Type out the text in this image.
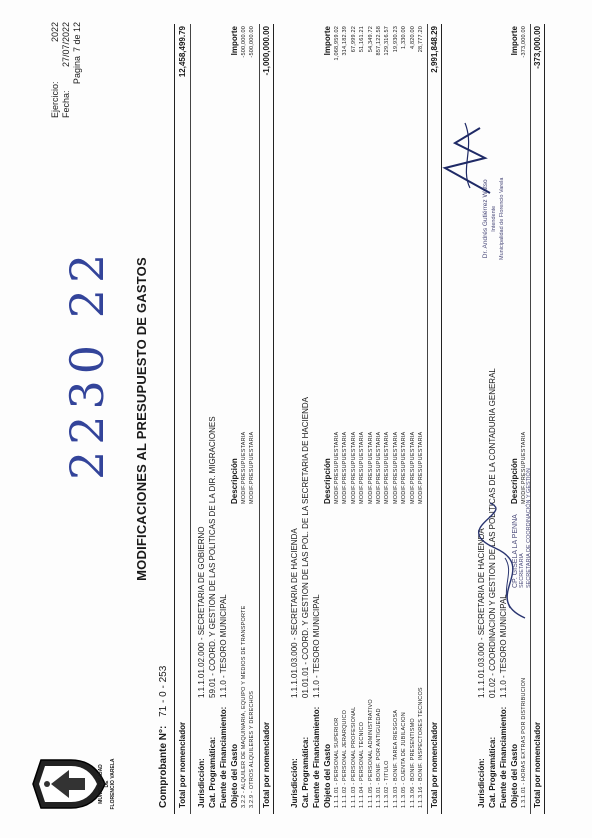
MUNICIPALIDAD DE FLORENCIO VARELA
2230 22
Ejercicio:
2022
Fecha:
27/07/2022
Pagina
7 de 12
MODIFICACIONES AL PRESUPUESTO DE GASTOS
Comprobante N°: 71 - 0 - 253
Total por nomenclador
12,458,499.79
Jurisdicción:
1.1.1.01.02.000 - SECRETARIA DE GOBIERNO
Cat. Programática:
59.01 - COORD. Y GESTION DE LAS POLITICAS DE LA DIR. MIGRACIONES
Fuente de Financiamiento:
1.1.0 - TESORO MUNICIPAL
Objeto del Gasto
Descripción
Importe
3.2.2 - ALQUILER DE MAQUINARIA, EQUIPO Y MEDIOS DE TRANSPORTE
MODIF.PRESUPUESTARIA
-500,000.00
3.2.9 - OTROS ALQUILERES Y DERECHOS
MODIF.PRESUPUESTARIA
-500,000.00
Total por nomenclador
-1,000,000.00
Jurisdicción:
1.1.1.01.03.000 - SECRETARIA DE HACIENDA
Cat. Programática:
01.01.01 - COORD. Y GESTION DE LAS POL. DE LA SECRETARIA DE HACIENDA
Fuente de Financiamiento:
1.1.0 - TESORO MUNICIPAL
Objeto del Gasto
Descripción
Importe
1.1.1.01 - PERSONAL SUPERIOR
MODIF.PRESUPUESTARIA
1,068,959.02
1.1.1.02 - PERSONAL JERARQUICO
MODIF.PRESUPUESTARIA
314,182.39
1.1.1.03 - PERSONAL PROFESIONAL
MODIF.PRESUPUESTARIA
67,999.22
1.1.1.04 - PERSONAL TECNICO
MODIF.PRESUPUESTARIA
51,161.21
1.1.1.05 - PERSONAL ADMINISTRATIVO
MODIF.PRESUPUESTARIA
54,349.72
1.1.3.01 - BONIF. POR ANTIGUEDAD
MODIF.PRESUPUESTARIA
857,122.58
1.1.3.02 - TITULO
MODIF.PRESUPUESTARIA
129,316.57
1.1.3.03 - BONIF. TAREA RIESGOSA
MODIF.PRESUPUESTARIA
19,930.23
1.1.3.05 - CUENTA DE JUBILACION
MODIF.PRESUPUESTARIA
1,330.00
1.1.3.06 - BONIF. PRESENTISMO
MODIF.PRESUPUESTARIA
4,820.00
1.1.3.16 - BONIF. INSPECTORES TECNICOS
MODIF.PRESUPUESTARIA
28,777.20
Total por nomenclador
2,991,848.29
Jurisdicción:
1.1.1.01.03.000 - SECRETARIA DE HACIENDA
Cat. Programática:
01.02 - COORDINACION Y GESTION DE LAS POLITICAS DE LA CONTADURIA GENERAL
Fuente de Financiamiento:
1.1.0 - TESORO MUNICIPAL
Objeto del Gasto
Descripción
Importe
1.3.1.01 - HORAS EXTRAS POR DISTRIBUCION
MODIF.PRESUPUESTARIA
-373,000.00
Total por nomenclador
-373,000.00
CP. GISELA LA PENNA SECRETARIA SECRETARIA DE COORDINACIÓN Y GESTIÓN
Dr. Andrés Gutiérrez Watso Intendente Municipalidad de Florencio Varela
